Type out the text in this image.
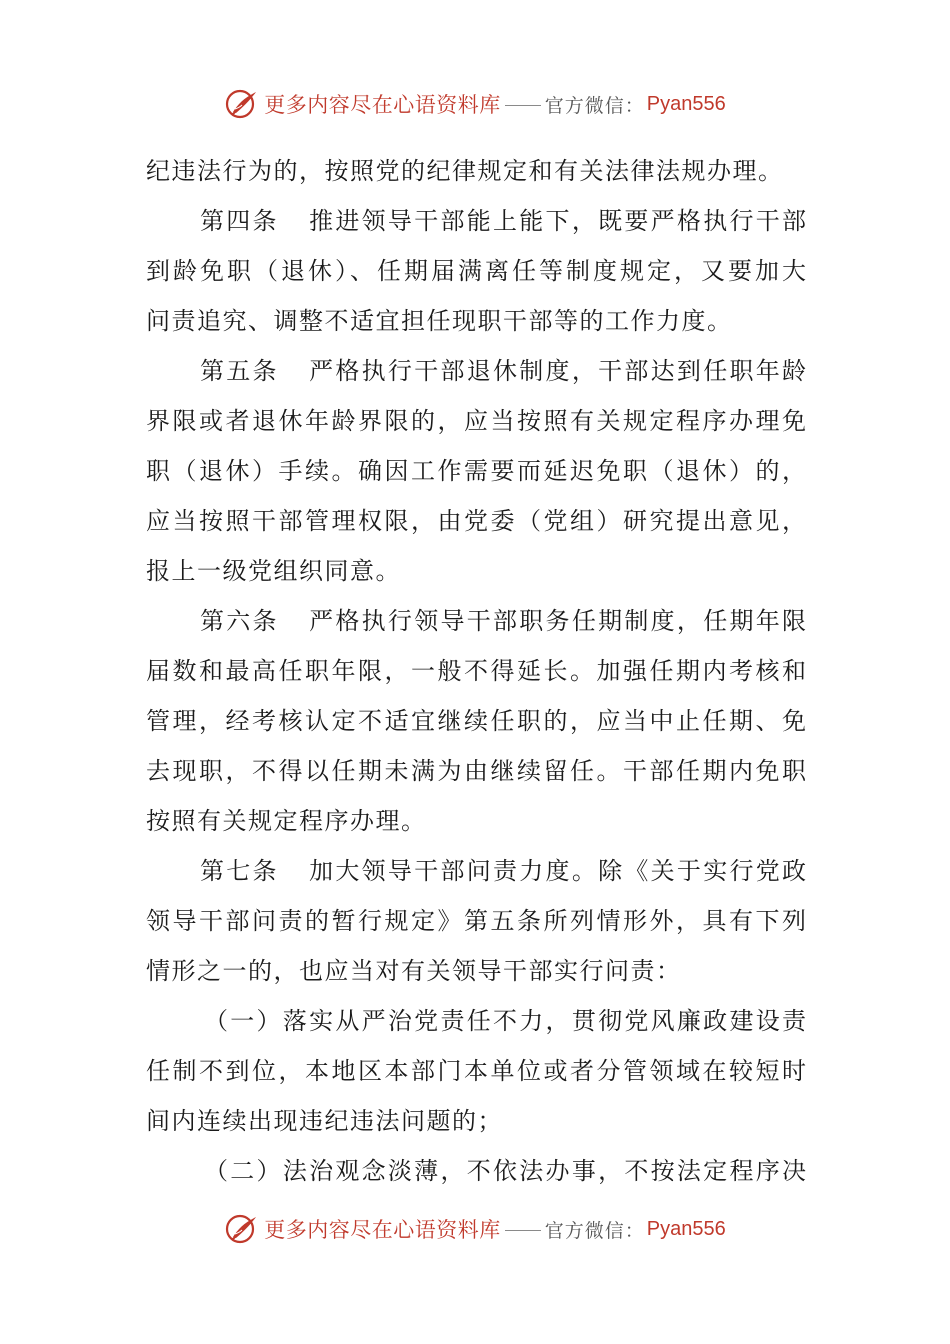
更多内容尽在心语资料库 官方微信： Pyan556
纪违法行为的，按照党的纪律规定和有关法律法规办理。
第四条 推进领导干部能上能下，既要严格执行干部
到龄免职（退休）、任期届满离任等制度规定，又要加大
问责追究、调整不适宜担任现职干部等的工作力度。
第五条 严格执行干部退休制度，干部达到任职年龄
界限或者退休年龄界限的，应当按照有关规定程序办理免
职（退休）手续。确因工作需要而延迟免职（退休）的，
应当按照干部管理权限，由党委（党组）研究提出意见，
报上一级党组织同意。
第六条 严格执行领导干部职务任期制度，任期年限
届数和最高任职年限，一般不得延长。加强任期内考核和
管理，经考核认定不适宜继续任职的，应当中止任期、免
去现职，不得以任期未满为由继续留任。干部任期内免职
按照有关规定程序办理。
第七条 加大领导干部问责力度。除《关于实行党政
领导干部问责的暂行规定》第五条所列情形外，具有下列
情形之一的，也应当对有关领导干部实行问责：
（一）落实从严治党责任不力，贯彻党风廉政建设责
任制不到位，本地区本部门本单位或者分管领域在较短时
间内连续出现违纪违法问题的；
（二）法治观念淡薄，不依法办事，不按法定程序决
更多内容尽在心语资料库 官方微信： Pyan556
